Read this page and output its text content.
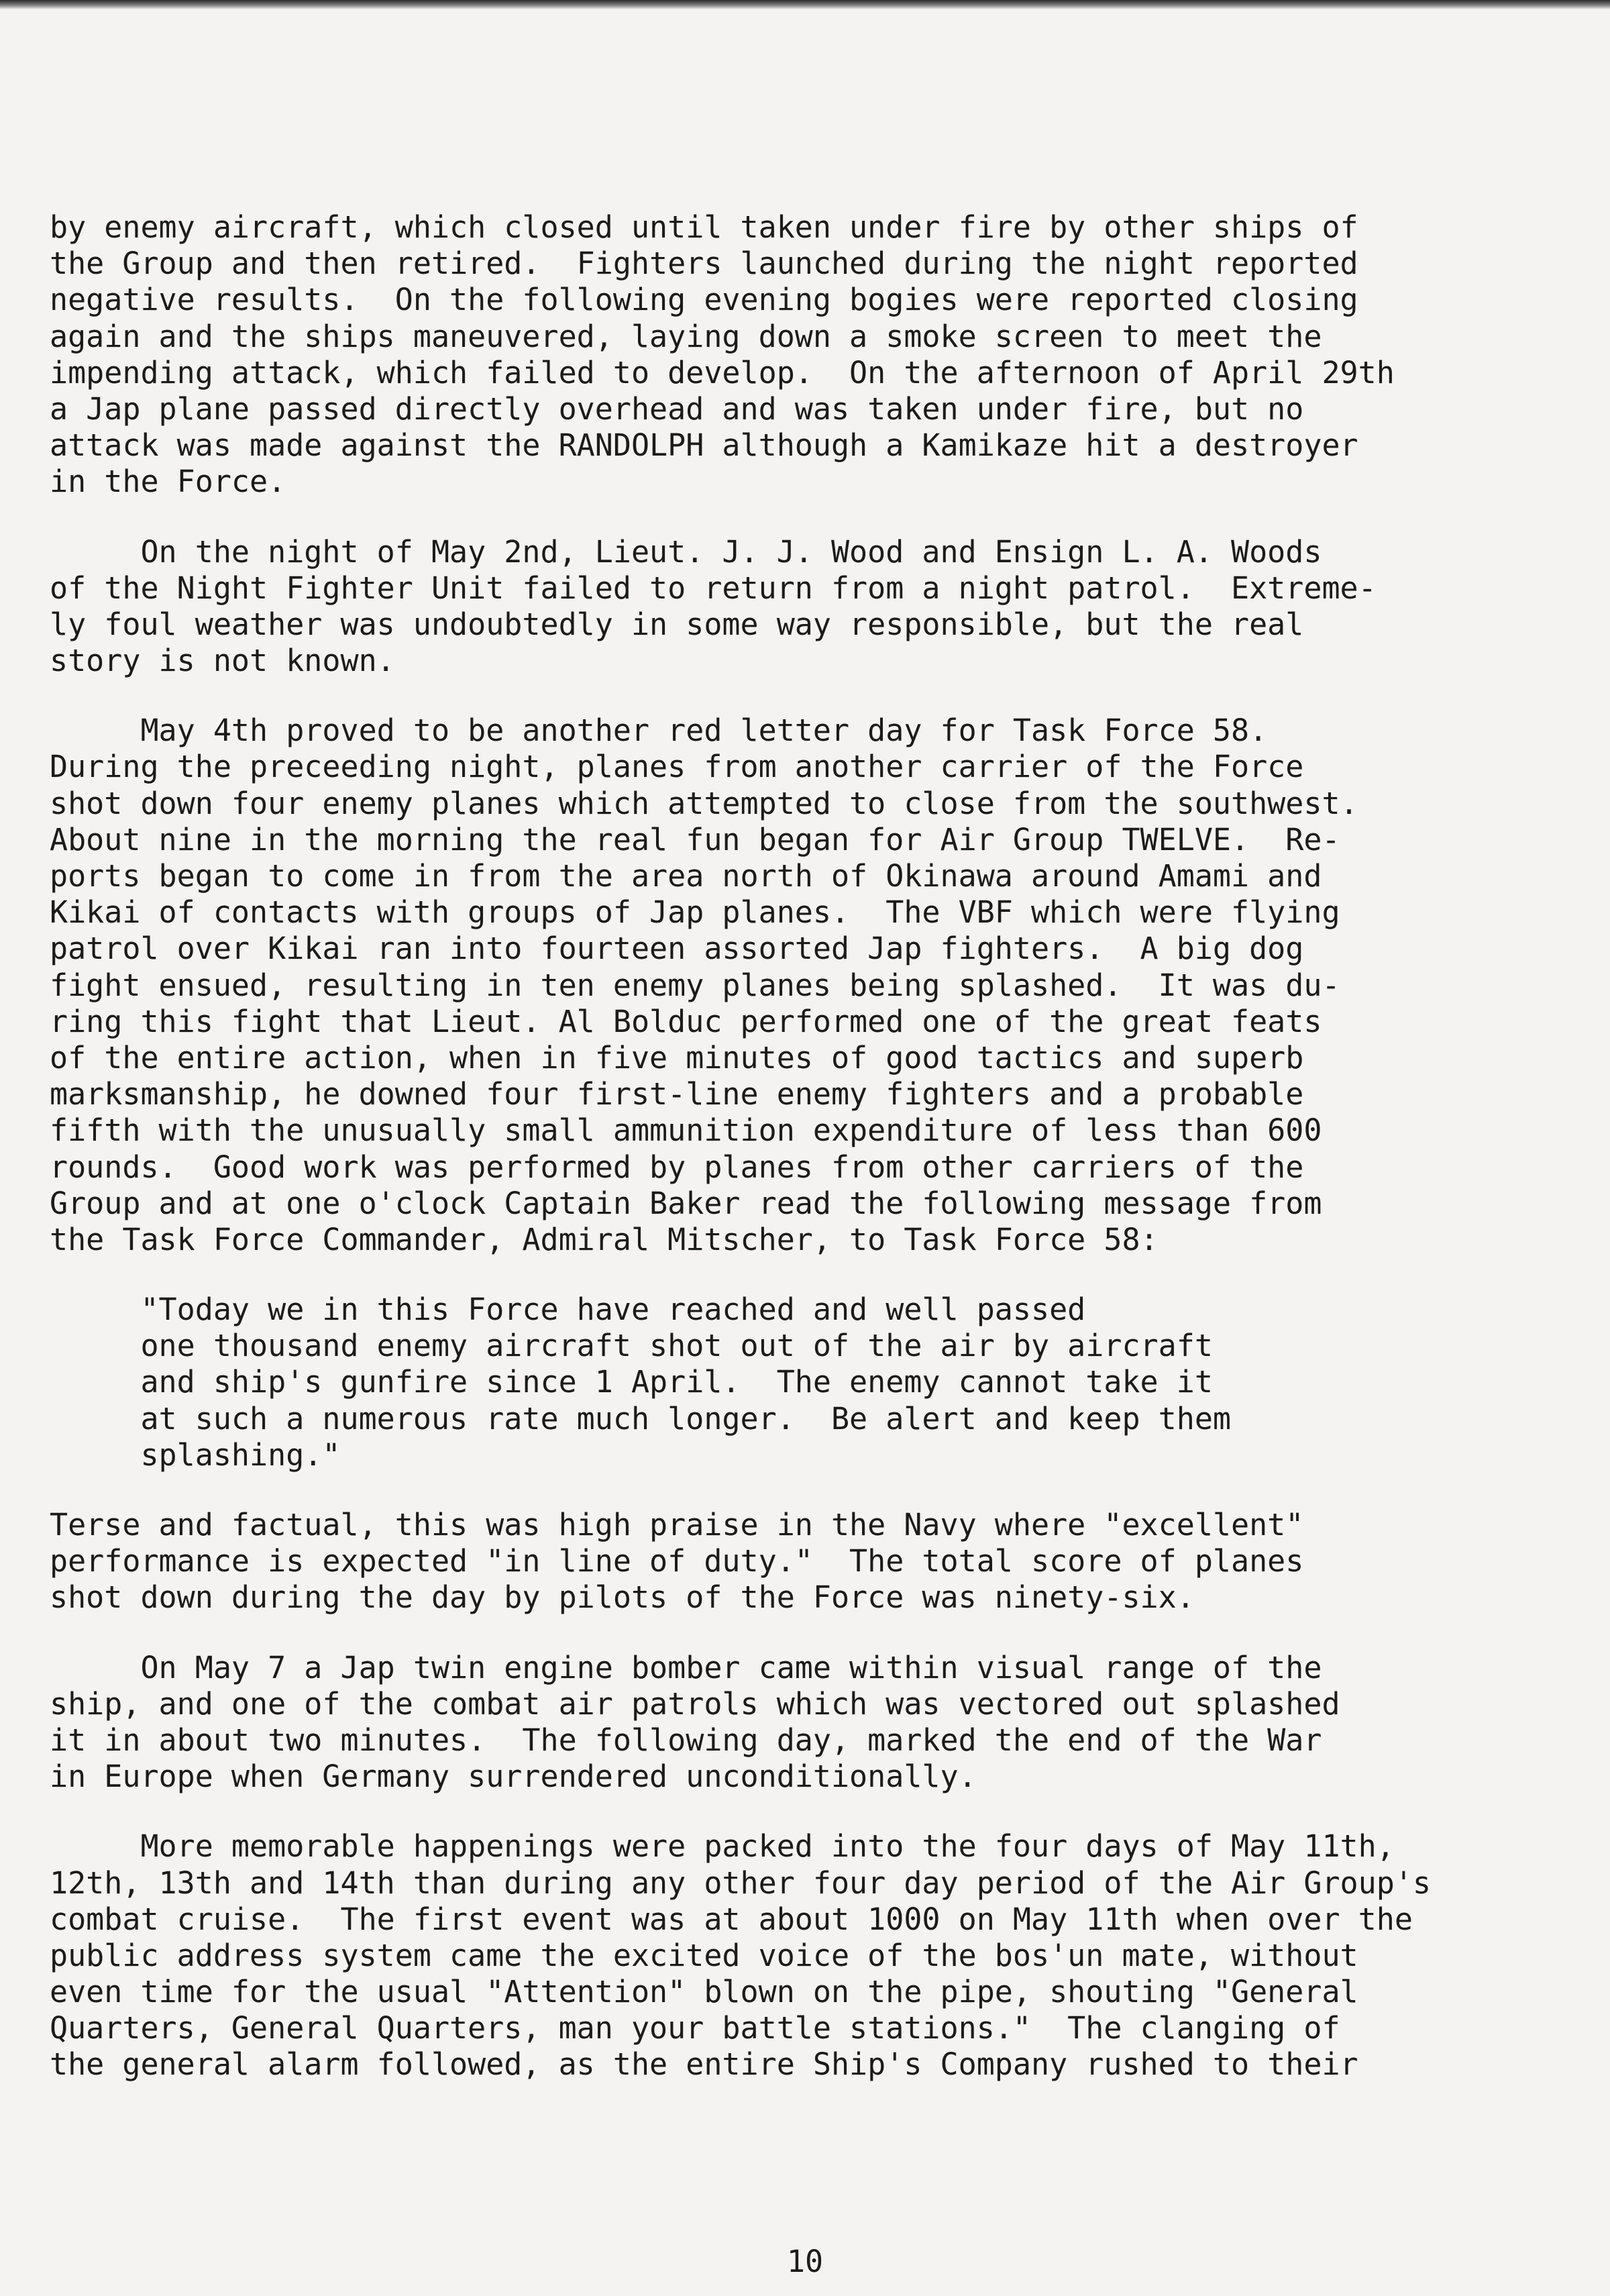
by enemy aircraft, which closed until taken under fire by other ships of
the Group and then retired.  Fighters launched during the night reported
negative results.  On the following evening bogies were reported closing
again and the ships maneuvered, laying down a smoke screen to meet the
impending attack, which failed to develop.  On the afternoon of April 29th
a Jap plane passed directly overhead and was taken under fire, but no
attack was made against the RANDOLPH although a Kamikaze hit a destroyer
in the Force.
On the night of May 2nd, Lieut. J. J. Wood and Ensign L. A. Woods
of the Night Fighter Unit failed to return from a night patrol.  Extreme-
ly foul weather was undoubtedly in some way responsible, but the real
story is not known.
May 4th proved to be another red letter day for Task Force 58.
During the preceeding night, planes from another carrier of the Force
shot down four enemy planes which attempted to close from the southwest.
About nine in the morning the real fun began for Air Group TWELVE.  Re-
ports began to come in from the area north of Okinawa around Amami and
Kikai of contacts with groups of Jap planes.  The VBF which were flying
patrol over Kikai ran into fourteen assorted Jap fighters.  A big dog
fight ensued, resulting in ten enemy planes being splashed.  It was du-
ring this fight that Lieut. Al Bolduc performed one of the great feats
of the entire action, when in five minutes of good tactics and superb
marksmanship, he downed four first-line enemy fighters and a probable
fifth with the unusually small ammunition expenditure of less than 600
rounds.  Good work was performed by planes from other carriers of the
Group and at one o'clock Captain Baker read the following message from
the Task Force Commander, Admiral Mitscher, to Task Force 58:
"Today we in this Force have reached and well passed
one thousand enemy aircraft shot out of the air by aircraft
and ship's gunfire since 1 April.  The enemy cannot take it
at such a numerous rate much longer.  Be alert and keep them
splashing."
Terse and factual, this was high praise in the Navy where "excellent"
performance is expected "in line of duty."  The total score of planes
shot down during the day by pilots of the Force was ninety-six.
On May 7 a Jap twin engine bomber came within visual range of the
ship, and one of the combat air patrols which was vectored out splashed
it in about two minutes.  The following day, marked the end of the War
in Europe when Germany surrendered unconditionally.
More memorable happenings were packed into the four days of May 11th,
12th, 13th and 14th than during any other four day period of the Air Group's
combat cruise.  The first event was at about 1000 on May 11th when over the
public address system came the excited voice of the bos'un mate, without
even time for the usual "Attention" blown on the pipe, shouting "General
Quarters, General Quarters, man your battle stations."  The clanging of
the general alarm followed, as the entire Ship's Company rushed to their
10
